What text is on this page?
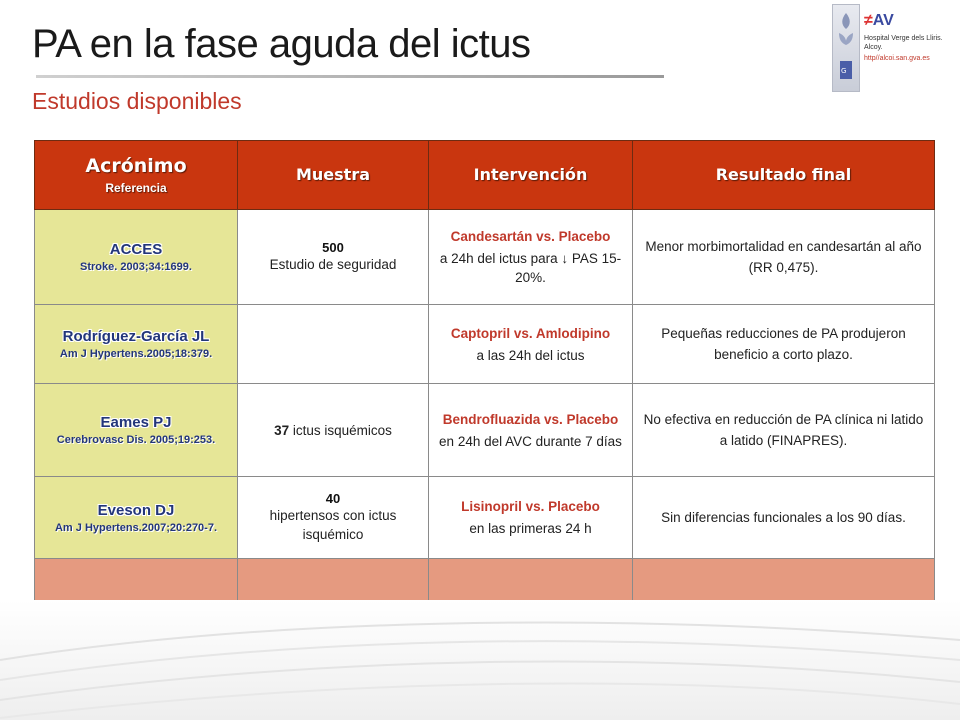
PA en la fase aguda del ictus
Estudios disponibles
G
≠AV
Hospital Verge dels Lliris.
Alcoy.
http//alcoi.san.gva.es
Acrónimo
Referencia	Muestra	Intervención	Resultado final

ACCES
Stroke. 2003;34:1699.	500
Estudio de seguridad	Candesartán vs. Placebo
a 24h del ictus para ↓ PAS 15-20%.	Menor morbimortalidad en candesartán al año (RR 0,475).

Rodríguez-García JL
Am J Hypertens.2005;18:379.		Captopril vs. Amlodipino
a las 24h del ictus	Pequeñas reducciones de PA produjeron beneficio a corto plazo.

Eames PJ
Cerebrovasc Dis. 2005;19:253.	37 ictus isquémicos	Bendrofluazida vs. Placebo
en 24h del AVC durante 7 días	No efectiva en reducción de PA clínica ni latido a latido (FINAPRES).

Eveson DJ
Am J Hypertens.2007;20:270-7.	40
hipertensos con ictus isquémico	Lisinopril vs. Placebo
en las primeras 24 h	Sin diferencias funcionales a los 90 días.
